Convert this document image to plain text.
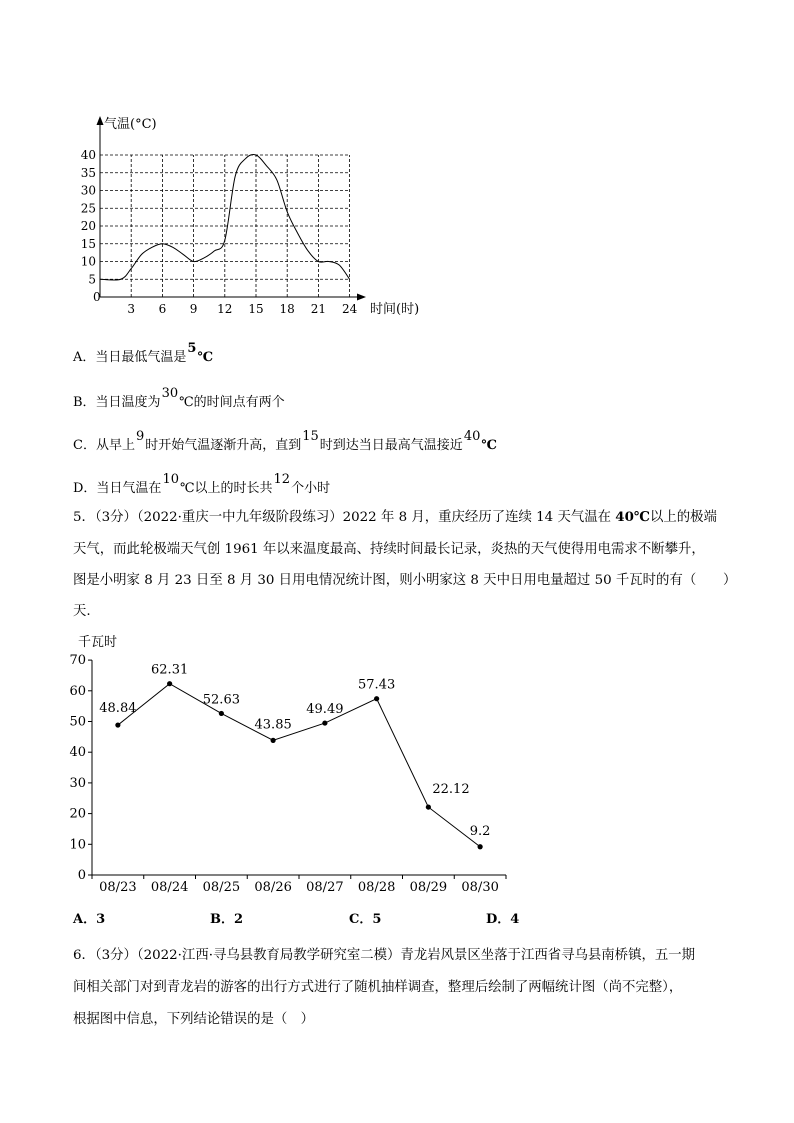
气温(°C)
时间(时)
0
3 6 9 12 15 18 21 24
5
10
15
20
25
30
35
40
A．当日最低气温是5℃
B．当日温度为30℃的时间点有两个
C．从早上9时开始气温逐渐升高，直到15时到达当日最高气温接近40℃
D．当日气温在10℃以上的时长共12个小时
5．（3分）（2022·重庆一中九年级阶段练习）2022 年 8 月，重庆经历了连续 14 天气温在 40℃以上的极端
天气，而此轮极端天气创 1961 年以来温度最高、持续时间最长记录，炎热的天气使得用电需求不断攀升，
图是小明家 8 月 23 日至 8 月 30 日用电情况统计图，则小明家这 8 天中日用电量超过 50 千瓦时的有（　　）
天.
千瓦时
0
10
20
30
40
50
60
70
08/23 08/24 08/25 08/26 08/27 08/28 08/29 08/30
48.84
62.31
52.63
43.85
49.49
57.43
22.12
9.2
A．3	B．2	C．5	D．4
6．（3分）（2022·江西·寻乌县教育局教学研究室二模）青龙岩风景区坐落于江西省寻乌县南桥镇，五一期
间相关部门对到青龙岩的游客的出行方式进行了随机抽样调查，整理后绘制了两幅统计图（尚不完整），
根据图中信息，下列结论错误的是（　）
